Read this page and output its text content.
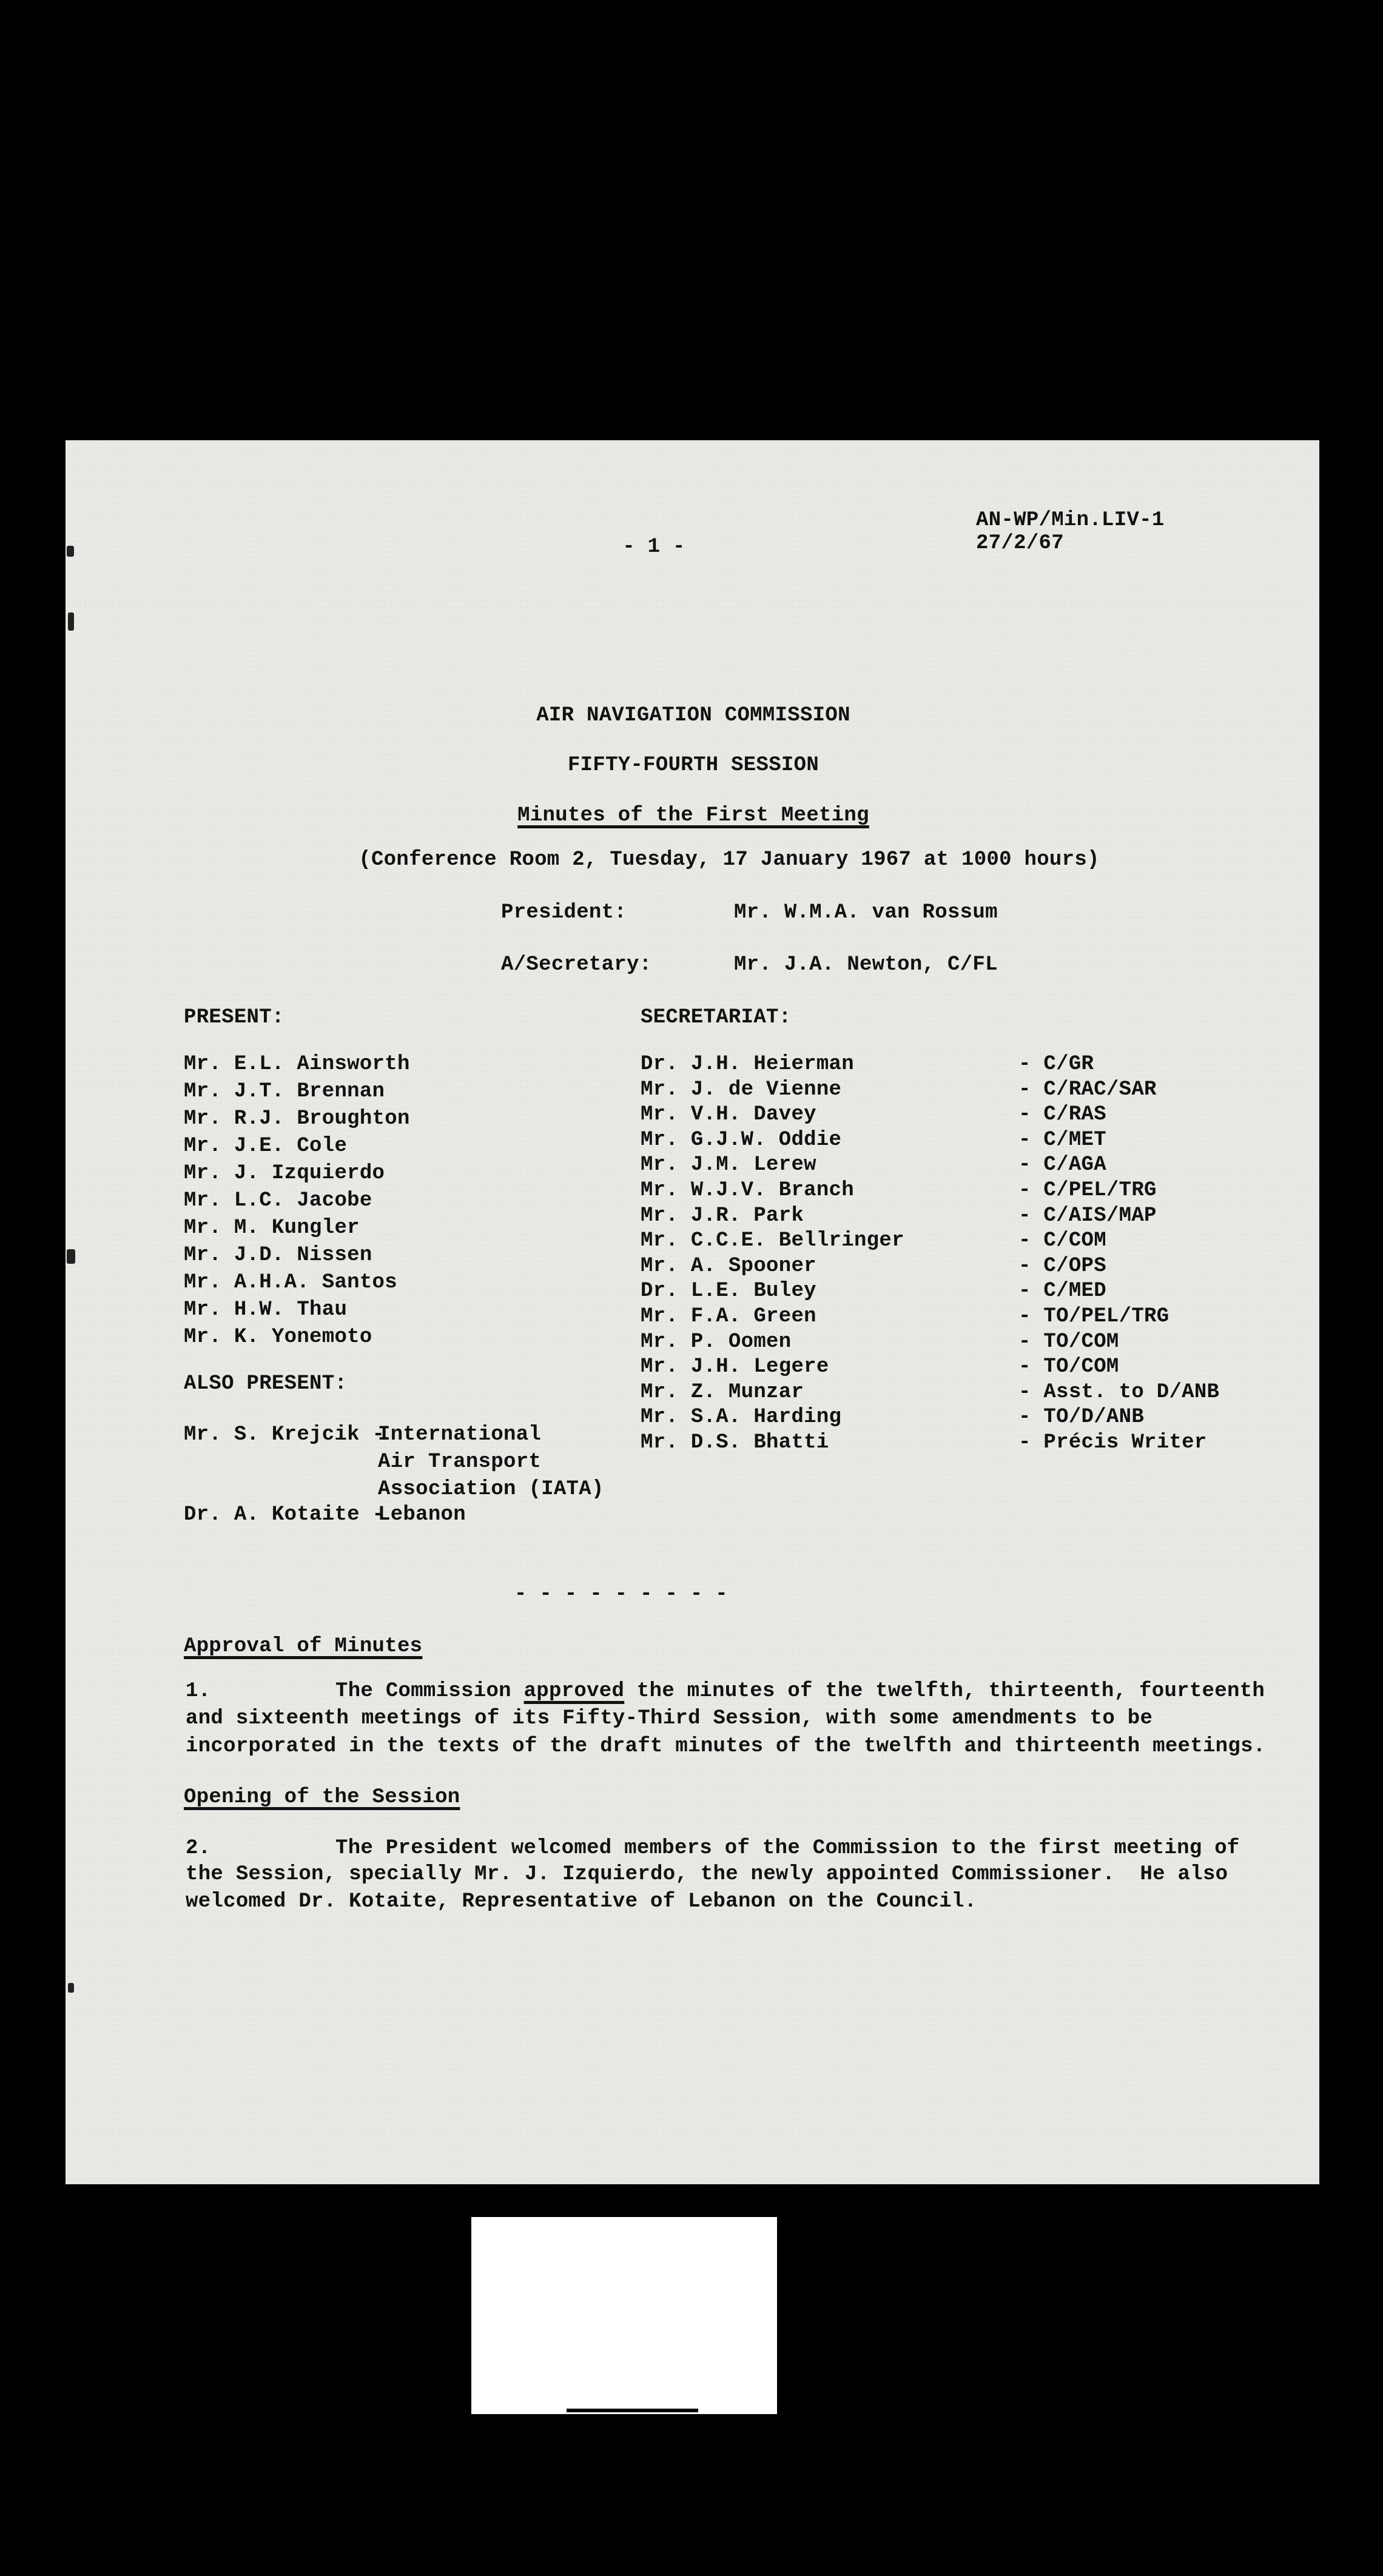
- 1 -
AN-WP/Min.LIV-1
27/2/67
AIR NAVIGATION COMMISSION
FIFTY-FOURTH SESSION
Minutes of the First Meeting
(Conference Room 2, Tuesday, 17 January 1967 at 1000 hours)
President:	Mr. W.M.A. van Rossum
A/Secretary:	Mr. J.A. Newton, C/FL
PRESENT:
Mr. E.L. Ainsworth
Mr. J.T. Brennan
Mr. R.J. Broughton
Mr. J.E. Cole
Mr. J. Izquierdo
Mr. L.C. Jacobe
Mr. M. Kungler
Mr. J.D. Nissen
Mr. A.H.A. Santos
Mr. H.W. Thau
Mr. K. Yonemoto
SECRETARIAT:
Dr. J.H. Heierman	- C/GR
Mr. J. de Vienne	- C/RAC/SAR
Mr. V.H. Davey	- C/RAS
Mr. G.J.W. Oddie	- C/MET
Mr. J.M. Lerew	- C/AGA
Mr. W.J.V. Branch	- C/PEL/TRG
Mr. J.R. Park	- C/AIS/MAP
Mr. C.C.E. Bellringer	- C/COM
Mr. A. Spooner	- C/OPS
Dr. L.E. Buley	- C/MED
Mr. F.A. Green	- TO/PEL/TRG
Mr. P. Oomen	- TO/COM
Mr. J.H. Legere	- TO/COM
Mr. Z. Munzar	- Asst. to D/ANB
Mr. S.A. Harding	- TO/D/ANB
Mr. D.S. Bhatti	- Précis Writer
ALSO PRESENT:
Mr. S. Krejcik -
International
Air Transport
Association (IATA)
Dr. A. Kotaite -
Lebanon
- - - - - - - - -
Approval of Minutes
1.	The Commission approved the minutes of the twelfth, thirteenth, fourteenth
and sixteenth meetings of its Fifty-Third Session, with some amendments to be
incorporated in the texts of the draft minutes of the twelfth and thirteenth meetings.
Opening of the Session
2.	The President welcomed members of the Commission to the first meeting of
the Session, specially Mr. J. Izquierdo, the newly appointed Commissioner.  He also
welcomed Dr. Kotaite, Representative of Lebanon on the Council.
